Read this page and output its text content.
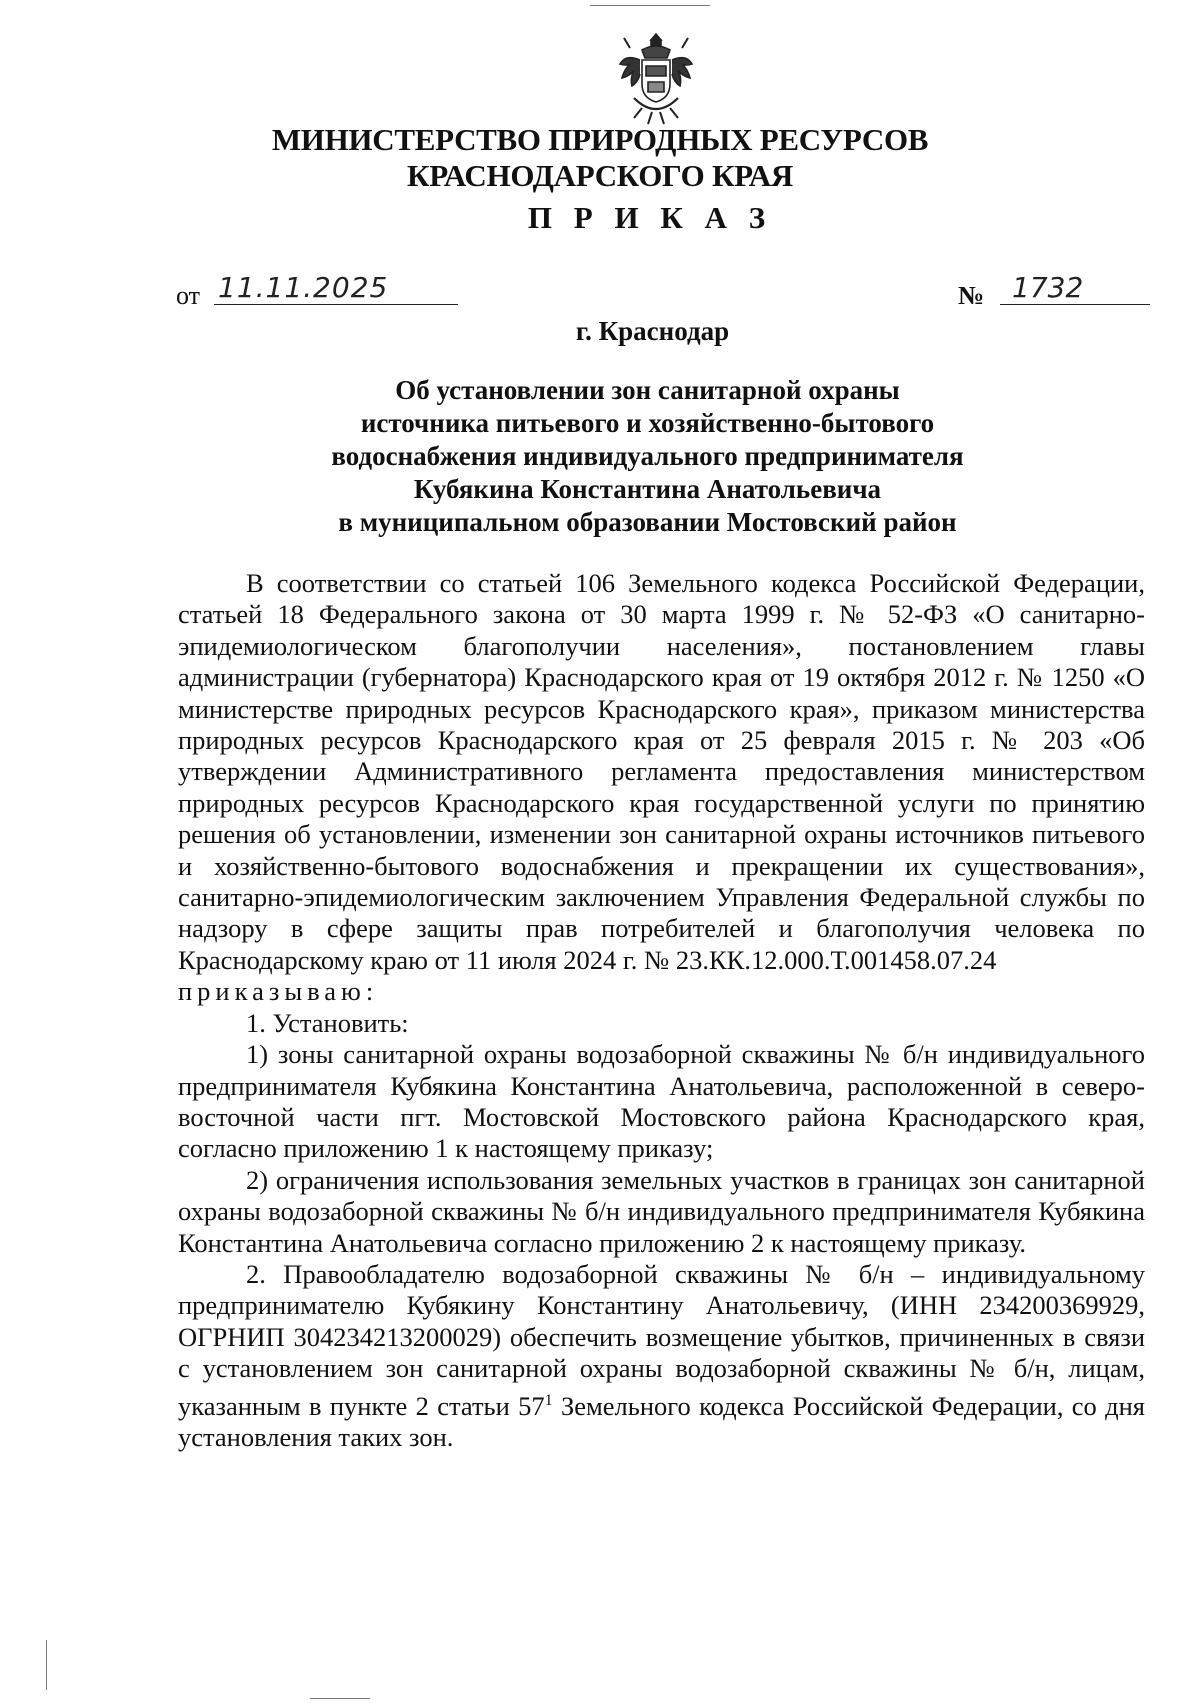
МИНИСТЕРСТВО ПРИРОДНЫХ РЕСУРСОВ
КРАСНОДАРСКОГО КРАЯ
П Р И К А З
от 11.11.2025	№ 1732
г. Краснодар
Об установлении зон санитарной охраны
источника питьевого и хозяйственно-бытового
водоснабжения индивидуального предпринимателя
Кубякина Константина Анатольевича
в муниципальном образовании Мостовский район

В соответствии со статьей 106 Земельного кодекса Российской Федерации, статьей 18 Федерального закона от 30 марта 1999 г. № 52-ФЗ «О санитарно-эпидемиологическом благополучии населения», постановлением главы администрации (губернатора) Краснодарского края от 19 октября 2012 г. № 1250 «О министерстве природных ресурсов Краснодарского края», приказом министерства природных ресурсов Краснодарского края от 25 февраля 2015 г. № 203 «Об утверждении Административного регламента предоставления министерством природных ресурсов Краснодарского края государственной услуги по принятию решения об установлении, изменении зон санитарной охраны источников питьевого и хозяйственно-бытового водоснабжения и прекращении их существования», санитарно-эпидемиологическим заключением Управления Федеральной службы по надзору в сфере защиты прав потребителей и благополучия человека по Краснодарскому краю от 11 июля 2024 г. № 23.КК.12.000.Т.001458.07.24

приказываю:

1. Установить:

1) зоны санитарной охраны водозаборной скважины № б/н индивидуального предпринимателя Кубякина Константина Анатольевича, расположенной в северо-восточной части пгт. Мостовской Мостовского района Краснодарского края, согласно приложению 1 к настоящему приказу;

2) ограничения использования земельных участков в границах зон санитарной охраны водозаборной скважины № б/н индивидуального предпринимателя Кубякина Константина Анатольевича согласно приложению 2 к настоящему приказу.

2. Правообладателю водозаборной скважины № б/н – индивидуальному предпринимателю Кубякину Константину Анатольевичу, (ИНН 234200369929, ОГРНИП 304234213200029) обеспечить возмещение убытков, причиненных в связи с установлением зон санитарной охраны водозаборной скважины № б/н, лицам, указанным в пункте 2 статьи $57^1$ Земельного кодекса Российской Федерации, со дня установления таких зон.
